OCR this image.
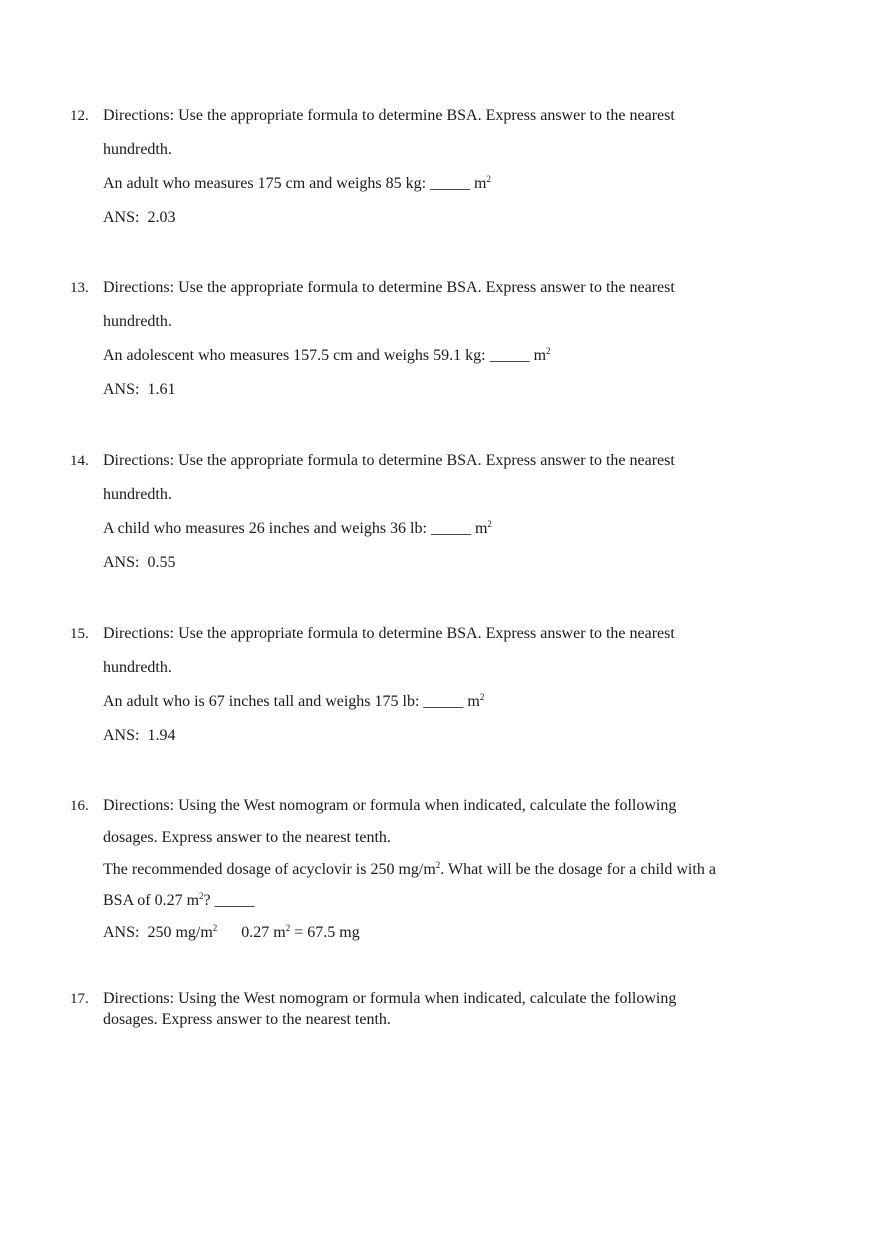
12. Directions: Use the appropriate formula to determine BSA. Express answer to the nearest
hundredth.
An adult who measures 175 cm and weighs 85 kg: _____ $m^2$
ANS: 2.03
13. Directions: Use the appropriate formula to determine BSA. Express answer to the nearest
hundredth.
An adolescent who measures 157.5 cm and weighs 59.1 kg: _____ $m^2$
ANS: 1.61
14. Directions: Use the appropriate formula to determine BSA. Express answer to the nearest
hundredth.
A child who measures 26 inches and weighs 36 lb: _____ $m^2$
ANS: 0.55
15. Directions: Use the appropriate formula to determine BSA. Express answer to the nearest
hundredth.
An adult who is 67 inches tall and weighs 175 lb: _____ $m^2$
ANS: 1.94
16. Directions: Using the West nomogram or formula when indicated, calculate the following
dosages. Express answer to the nearest tenth.
The recommended dosage of acyclovir is 250 $mg/m^2$. What will be the dosage for a child with a
BSA of 0.27 $m^2$? _____
ANS: 250 $mg/m^2$ 0.27 $m^2 = 67.5$ mg
17. Directions: Using the West nomogram or formula when indicated, calculate the following
dosages. Express answer to the nearest tenth.
